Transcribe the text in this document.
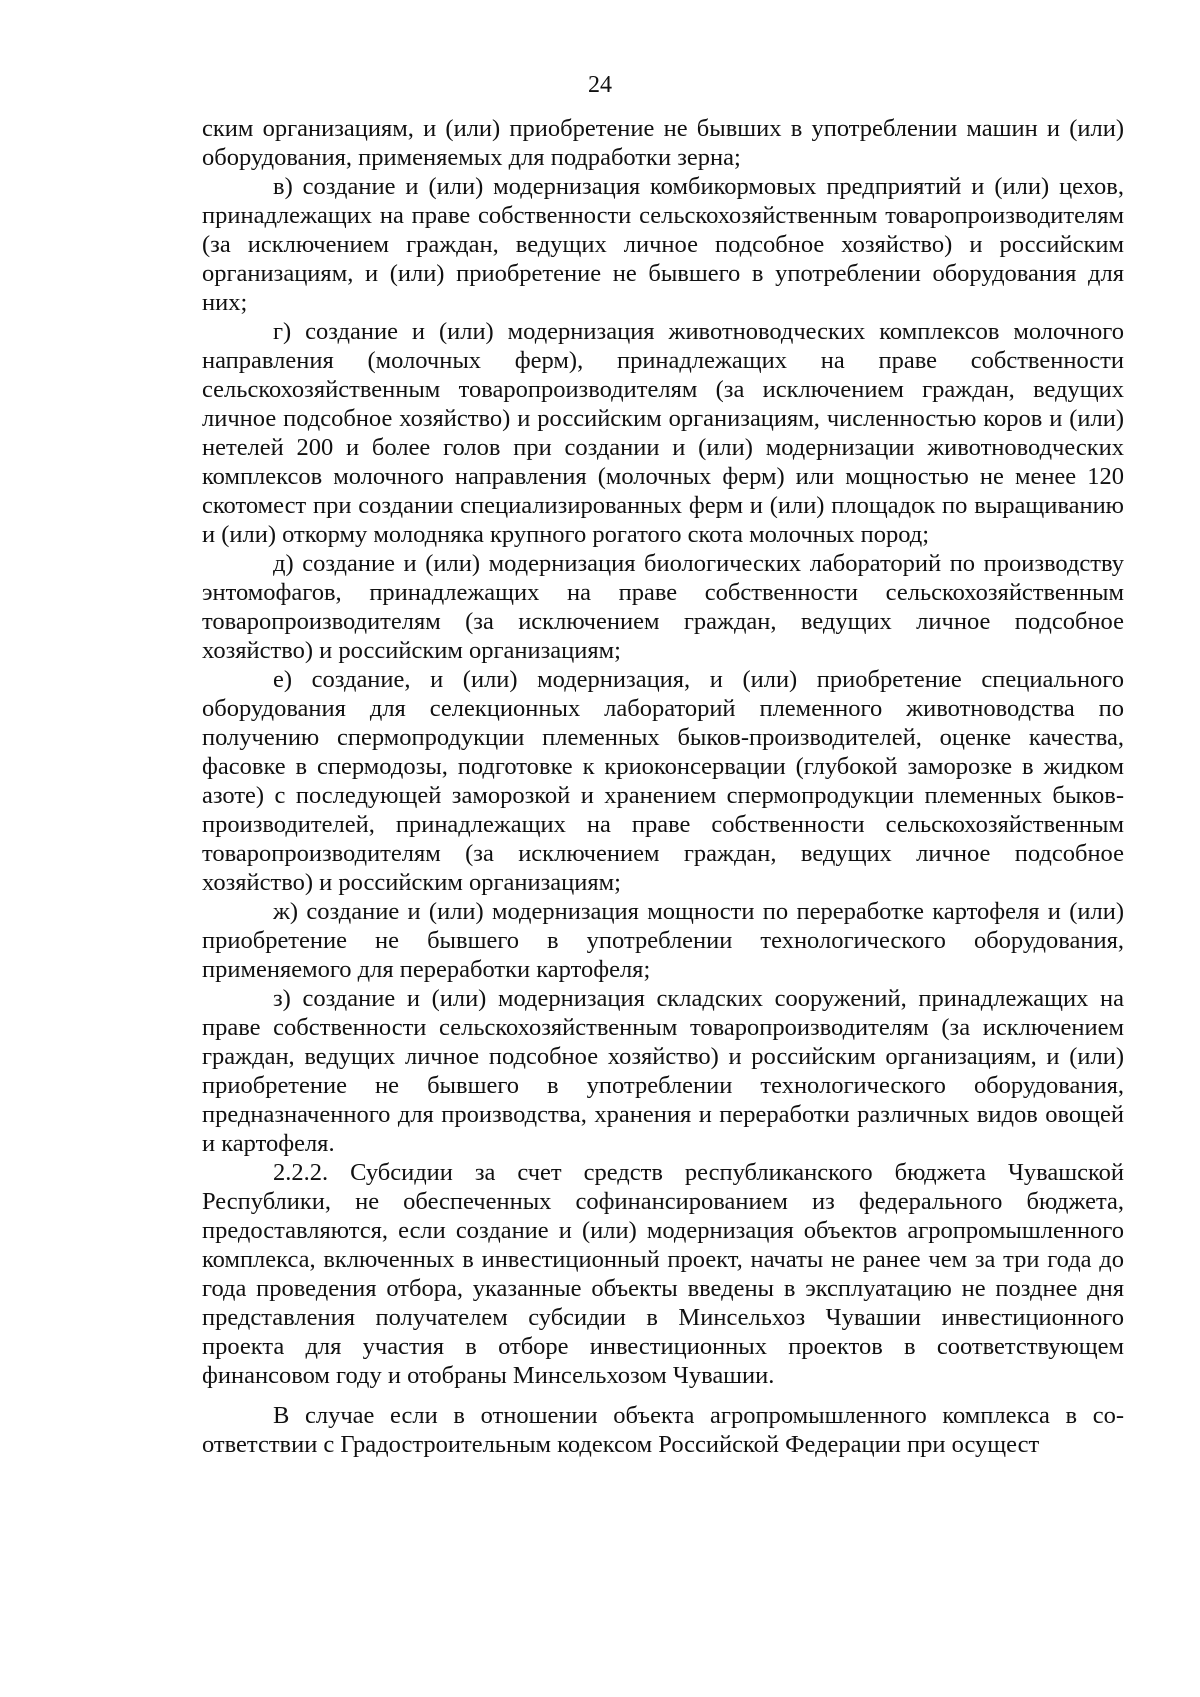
24

ским организациям, и (или) приобретение не бывших в употреблении машин и (или) оборудования, применяемых для подработки зерна;

в) создание и (или) модернизация комбикормовых предприятий и (или) цехов, принадлежащих на праве собственности сельскохозяйственным товаропроизводителям (за исключением граждан, ведущих личное подсобное хозяйство) и российским организациям, и (или) приобретение не бывшего в употреблении оборудования для них;

г) создание и (или) модернизация животноводческих комплексов молочного направления (молочных ферм), принадлежащих на праве собственности сельскохозяйственным товаропроизводителям (за исключением граждан, ведущих личное подсобное хозяйство) и российским организациям, численностью коров и (или) нетелей 200 и более голов при создании и (или) модернизации животноводческих комплексов молочного направления (молочных ферм) или мощностью не менее 120 скотомест при создании специализированных ферм и (или) площадок по выращиванию и (или) откорму молодняка крупного рогатого скота молочных пород;

д) создание и (или) модернизация биологических лабораторий по производству энтомофагов, принадлежащих на праве собственности сельскохозяйственным товаропроизводителям (за исключением граждан, ведущих личное подсобное хозяйство) и российским организациям;

е) создание, и (или) модернизация, и (или) приобретение специального оборудования для селекционных лабораторий племенного животноводства по получению спермопродукции племенных быков-производителей, оценке качества, фасовке в спермодозы, подготовке к криоконсервации (глубокой заморозке в жидком азоте) с последующей заморозкой и хранением спермопродукции племенных быков-производителей, принадлежащих на праве собственности сельскохозяйственным товаропроизводителям (за исключением граждан, ведущих личное подсобное хозяйство) и российским организациям;

ж) создание и (или) модернизация мощности по переработке картофеля и (или) приобретение не бывшего в употреблении технологического оборудования, применяемого для переработки картофеля;

з) создание и (или) модернизация складских сооружений, принадлежащих на праве собственности сельскохозяйственным товаропроизводителям (за исключением граждан, ведущих личное подсобное хозяйство) и российским организациям, и (или) приобретение не бывшего в употреблении технологического оборудования, предназначенного для производства, хранения и переработки различных видов овощей и картофеля.

2.2.2. Субсидии за счет средств республиканского бюджета Чувашской Республики, не обеспеченных софинансированием из федерального бюджета, предоставляются, если создание и (или) модернизация объектов агропромышленного комплекса, включенных в инвестиционный проект, начаты не ранее чем за три года до года проведения отбора, указанные объекты введены в эксплуатацию не позднее дня представления получателем субсидии в Минсельхоз Чувашии инвестиционного проекта для участия в отборе инвестиционных проектов в соответствующем финансовом году и отобраны Минсельхозом Чувашии.

В случае если в отношении объекта агропромышленного комплекса в соответствии с Градостроительным кодексом Российской Федерации при осущест
